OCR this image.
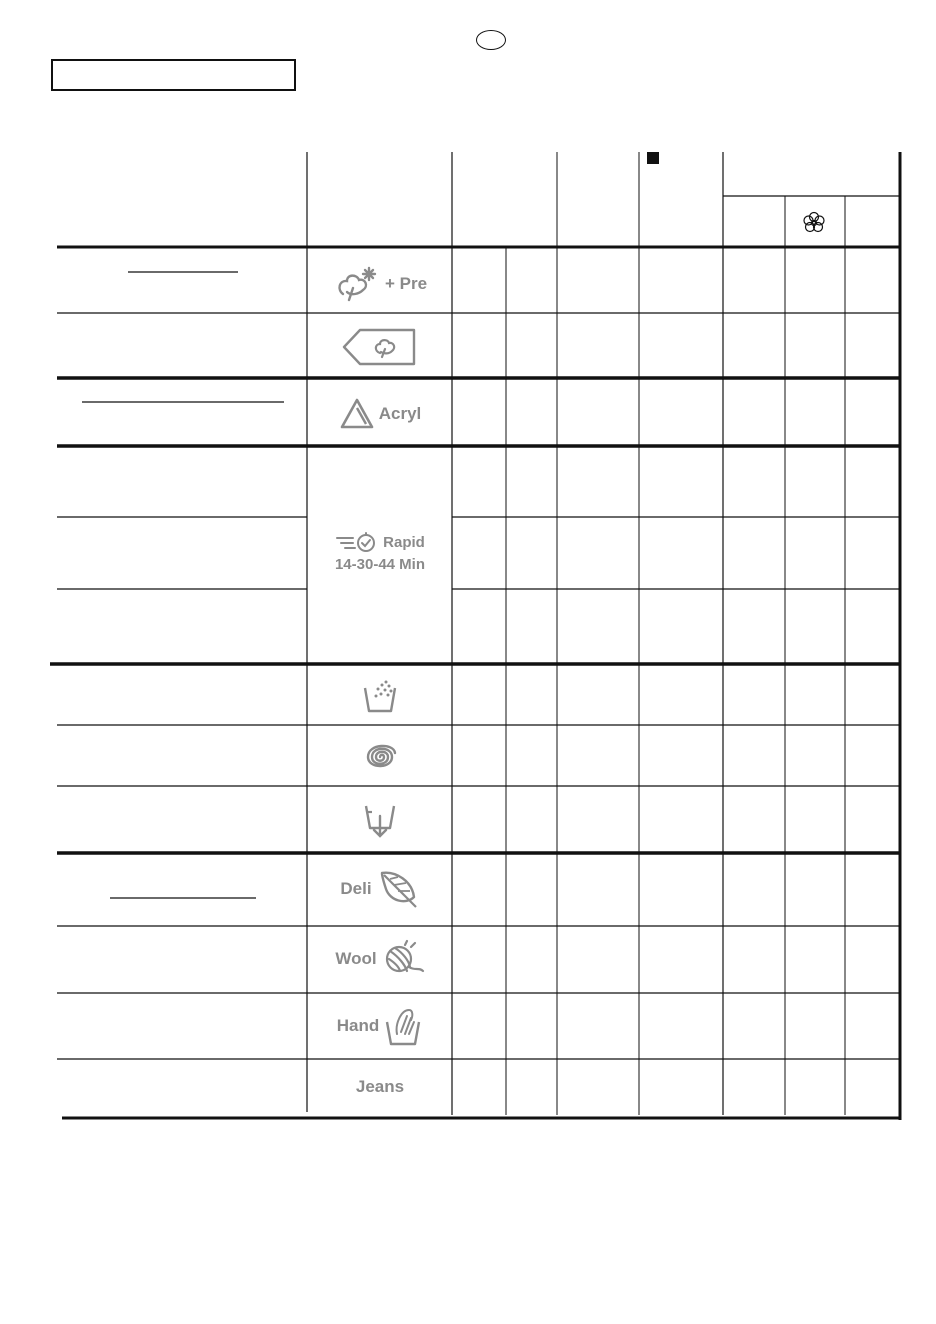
+ Pre
Acryl
Rapid
14-30-44 Min
Deli
Wool
Hand
Jeans
